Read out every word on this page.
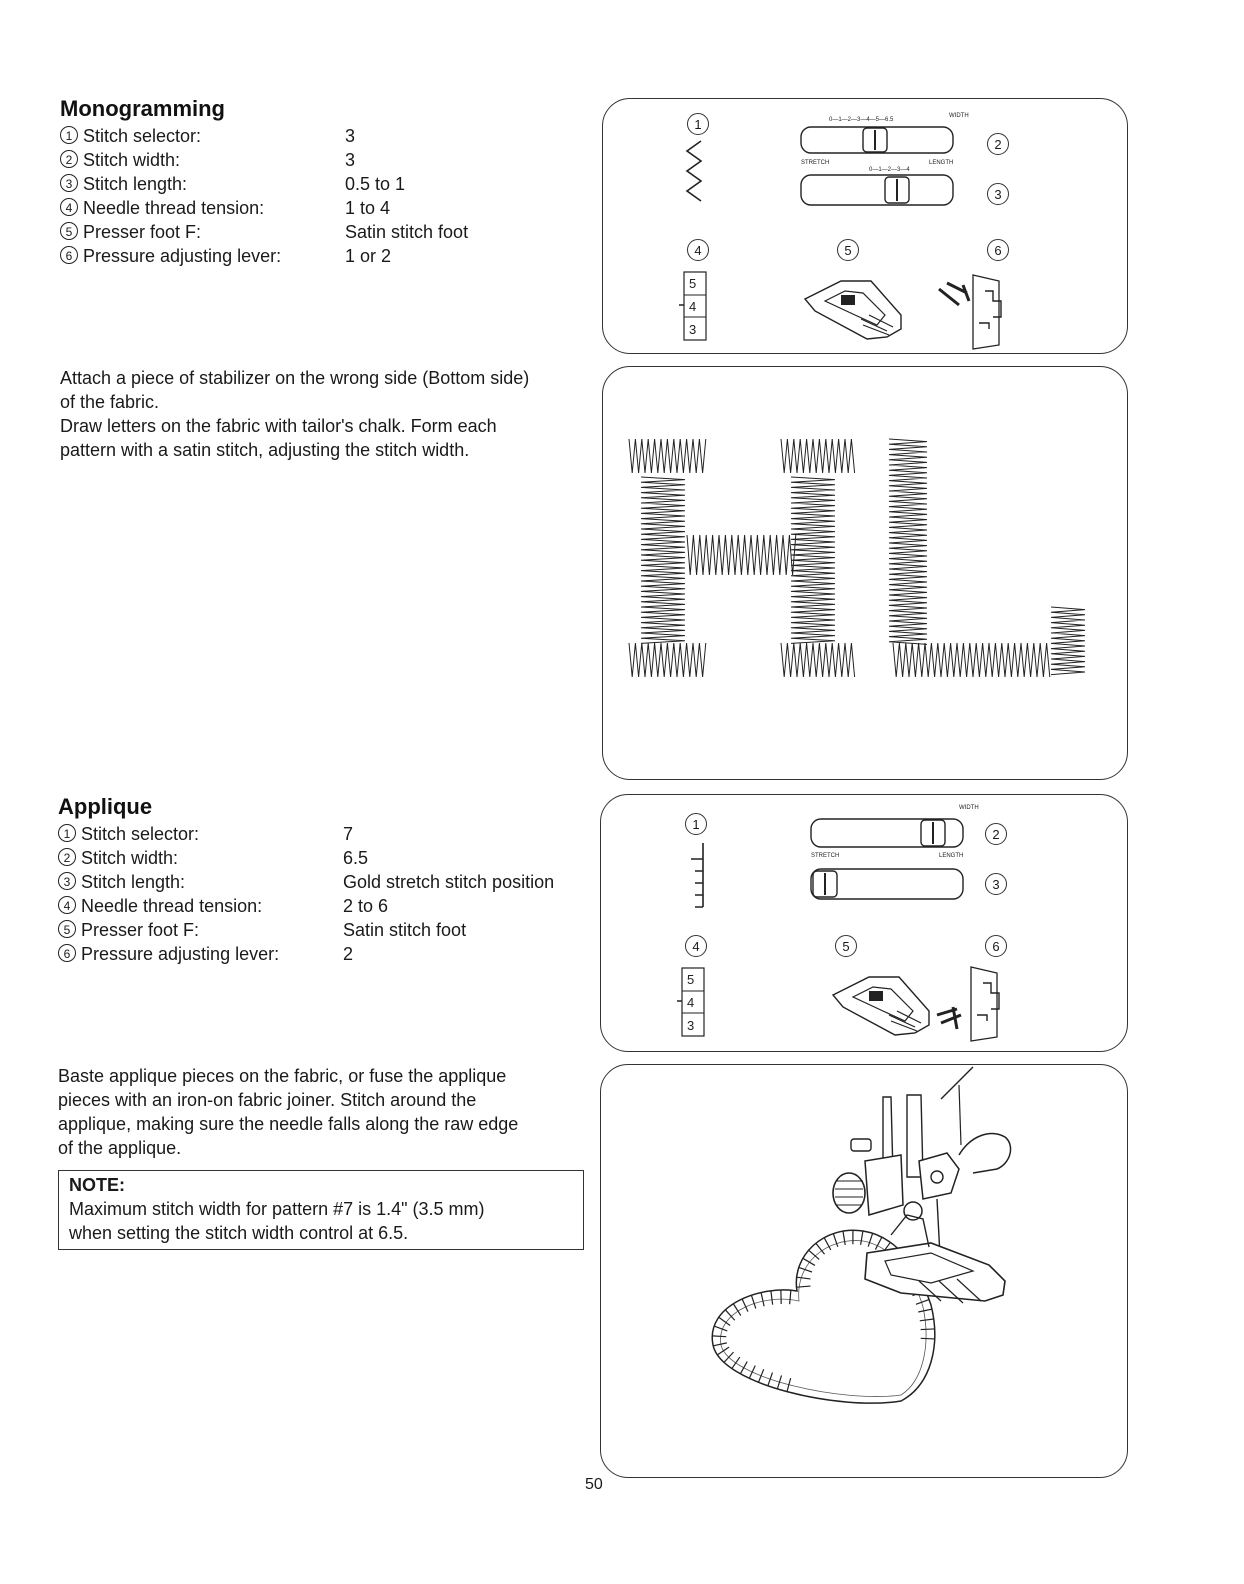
Monogramming
1 Stitch selector:	3
2 Stitch width:	3
3 Stitch length:	0.5 to 1
4 Needle thread tension:	1 to 4
5 Presser foot F:	Satin stitch foot
6 Pressure adjusting lever:	1 or 2

Attach a piece of stabilizer on the wrong side (Bottom side)

of the fabric.

Draw letters on the fabric with tailor's chalk. Form each

pattern with a satin stitch, adjusting the stitch width.

1
2
3
4	5	6
WIDTH
0—1—2—3—4—5—6.5
STRETCH	LENGTH
0—1—2—3—4
5
4
3
Applique
1 Stitch selector:	7
2 Stitch width:	6.5
3 Stitch length:	Gold stretch stitch position
4 Needle thread tension:	2 to 6
5 Presser foot F:	Satin stitch foot
6 Pressure adjusting lever:	2

Baste applique pieces on the fabric, or fuse the applique

pieces with an iron-on fabric joiner. Stitch around the

applique, making sure the needle falls along the raw edge

of the applique.

NOTE:
Maximum stitch width for pattern #7 is 1.4" (3.5 mm)
when setting the stitch width control at 6.5.
1
2
3
4	5	6
WIDTH
STRETCH	LENGTH
5
4
3
50
